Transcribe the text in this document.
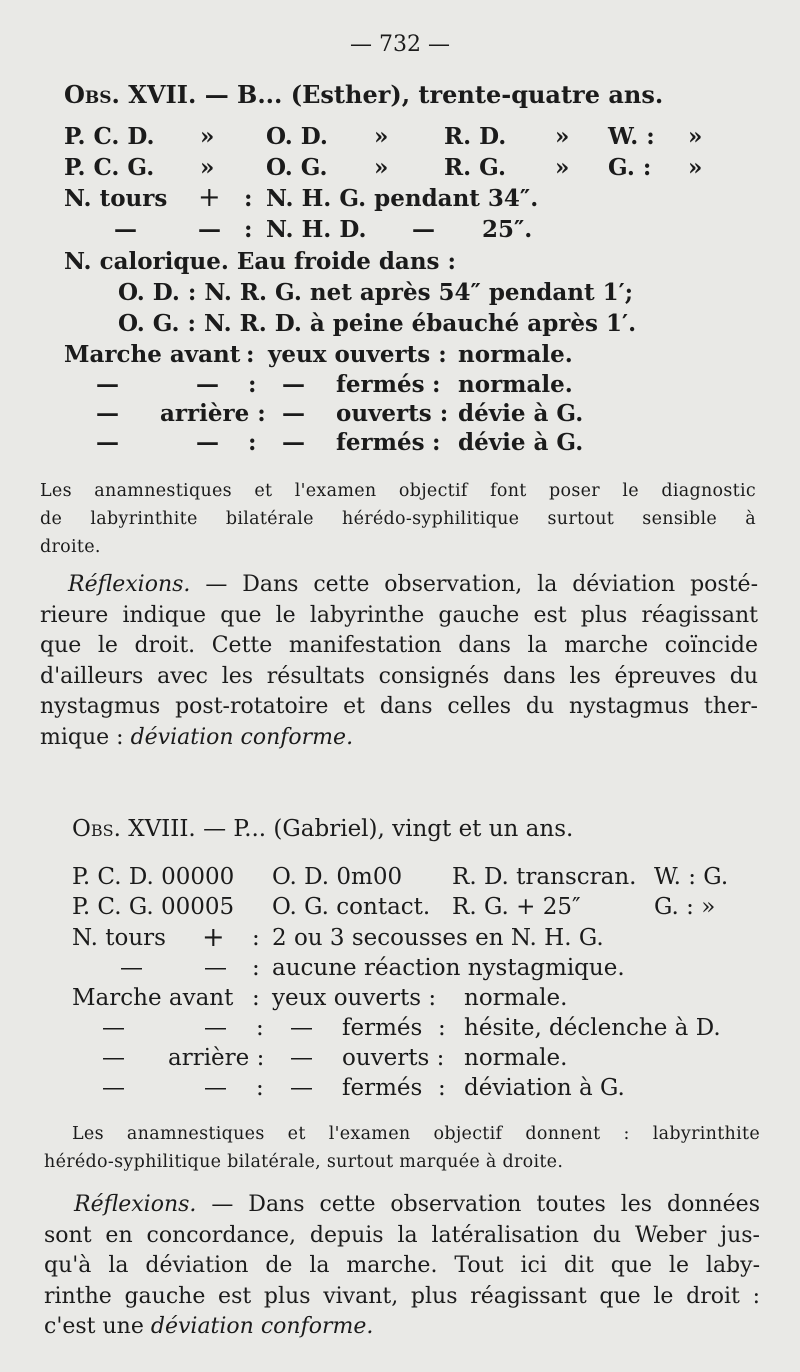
— 732 —
Obs. XVII. — B... (Esther), trente-quatre ans.
P. C. D. » O. D. » R. D. » W. : »
P. C. G. » O. G. » R. G. » G. : »
N. tours + : N. H. G. pendant 34″.
—	— : N. H. D. — 25″.
N. calorique. Eau froide dans :
O. D. : N. R. G. net après 54″ pendant 1′;
O. G. : N. R. D. à peine ébauché après 1′.
Marche avant : yeux ouverts : normale.
—	— : — fermés : normale.
— arrière : — ouverts : dévie à G.
—	— : — fermés : dévie à G.
Les anamnestiques et l'examen objectif font poser le diagnostic
de labyrinthite bilatérale hérédo-syphilitique surtout sensible à
droite.
Réflexions. — Dans cette observation, la déviation posté-
rieure indique que le labyrinthe gauche est plus réagissant
que le droit. Cette manifestation dans la marche coïncide
d'ailleurs avec les résultats consignés dans les épreuves du
nystagmus post-rotatoire et dans celles du nystagmus ther-
mique : déviation conforme.
Obs. XVIII. — P... (Gabriel), vingt et un ans.
P. C. D. 00000 O. D. 0m00 R. D. transcran. W. : G.
P. C. G. 00005 O. G. contact. R. G. + 25″	G. : »
N. tours + : 2 ou 3 secousses en N. H. G.
—	— : aucune réaction nystagmique.
Marche avant : yeux ouverts : normale.
—	— : — fermés : hésite, déclenche à D.
— arrière : — ouverts : normale.
—	— : — fermés : déviation à G.
Les anamnestiques et l'examen objectif donnent : labyrinthite
hérédo-syphilitique bilatérale, surtout marquée à droite.
Réflexions. — Dans cette observation toutes les données
sont en concordance, depuis la latéralisation du Weber jus-
qu'à la déviation de la marche. Tout ici dit que le laby-
rinthe gauche est plus vivant, plus réagissant que le droit :
c'est une déviation conforme.
